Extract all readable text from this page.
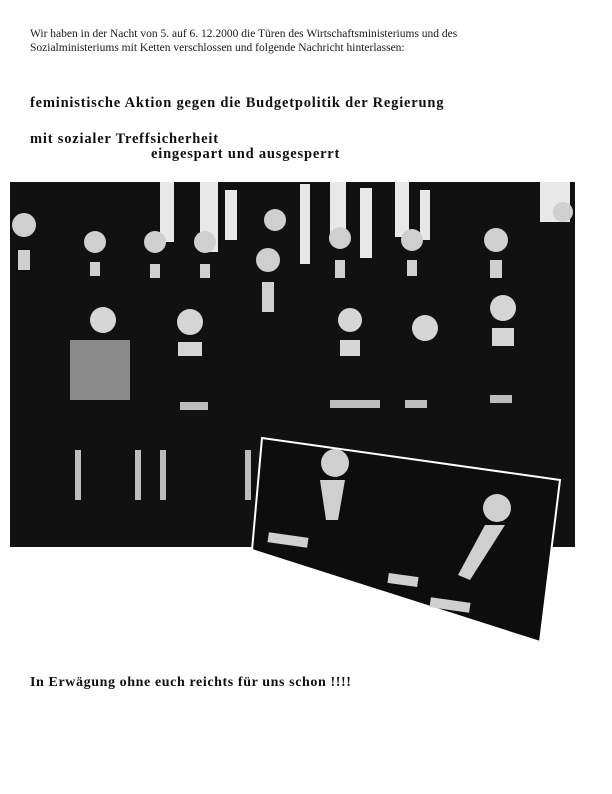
Wir haben in der Nacht von 5. auf 6. 12.2000 die Türen des Wirtschaftsministeriums und des
Sozialministeriums mit Ketten verschlossen und folgende Nachricht hinterlassen:
feministische Aktion gegen die Budgetpolitik der Regierung
mit sozialer Treffsicherheit
eingespart und ausgesperrt
In Erwägung ohne euch reichts für uns schon !!!!
